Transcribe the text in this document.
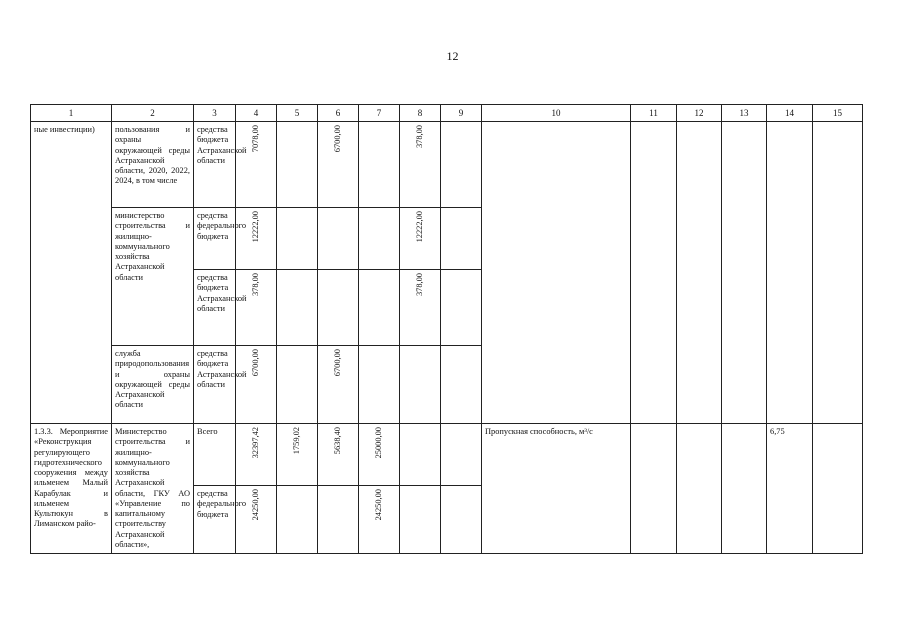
12
1	2	3	4	5	6	7	8	9	10	11	12	13	14	15
ные инвестиции)	пользования и охраны окружающей среды Астраханской области, 2020, 2022, 2024, в том числе	средства бюджета Астраханской области	7078,00		6700,00		378,00							
	министерство строительства и жилищно-коммунального хозяйства Астраханской области	средства федерального бюджета	12222,00				12222,00							
		средства бюджета Астраханской области	378,00				378,00							
	служба природопользования и охраны окружающей среды Астраханской области	средства бюджета Астраханской области	6700,00		6700,00									
1.3.3. Мероприятие «Реконструкция регулирующего гидротехнического сооружения между ильменем Малый Карабулак и ильменем Культюкун в Лиманском райо-	Министерство строительства и жилищно-коммунального хозяйства Астраханской области, ГКУ АО «Управление по капитальному строительству Астраханской области»,	Всего	32397,42	1759,02	5638,40	25000,00			Пропускная способность, м³/с				6,75	
		средства федерального бюджета	24250,00			24250,00								
